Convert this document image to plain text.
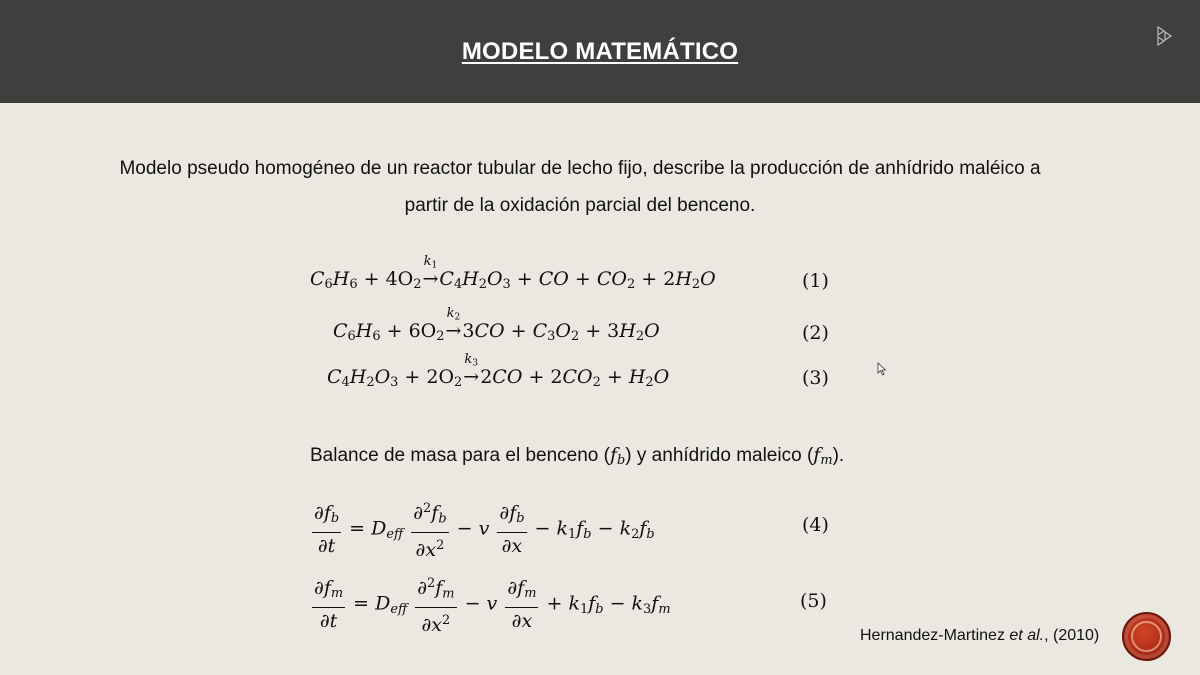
MODELO MATEMÁTICO
Modelo pseudo homogéneo de un reactor tubular de lecho fijo, describe la producción de anhídrido maléico a
partir de la oxidación parcial del benceno.
$C_6H_6 + 4O_2$
$k_1$
$\to C_4H_2O_3$ + CO + $CO_2 + 2H_2O$	(1)
$C_6H_6 + 6O_2$
$k_2$
$\to 3CO + C_3O_2 + 3H_2O$	(2)
$C_4H_2O_3 + 2O_2$
$k_3$
$\to 2CO + 2CO_2 + H_2O$	(3)
Balance de masa para el benceno $(f_b)$ y anhídrido maleico $(f_m)$.
$\frac{\partial f_b}{\partial t} = D_{eff} \frac{\partial^2f_b}{\partial x^2} - v \frac{\partial f_b}{\partial x} - k_1f_b - k_2f_b$	(4)
$\frac{\partial f_m}{\partial t} = D_{eff} \frac{\partial^2f_m}{\partial x^2} - v \frac{\partial f_m}{\partial x} + k_1f_b - k_3f_m$	(5)
Hernandez-Martinez et al., (2010)
